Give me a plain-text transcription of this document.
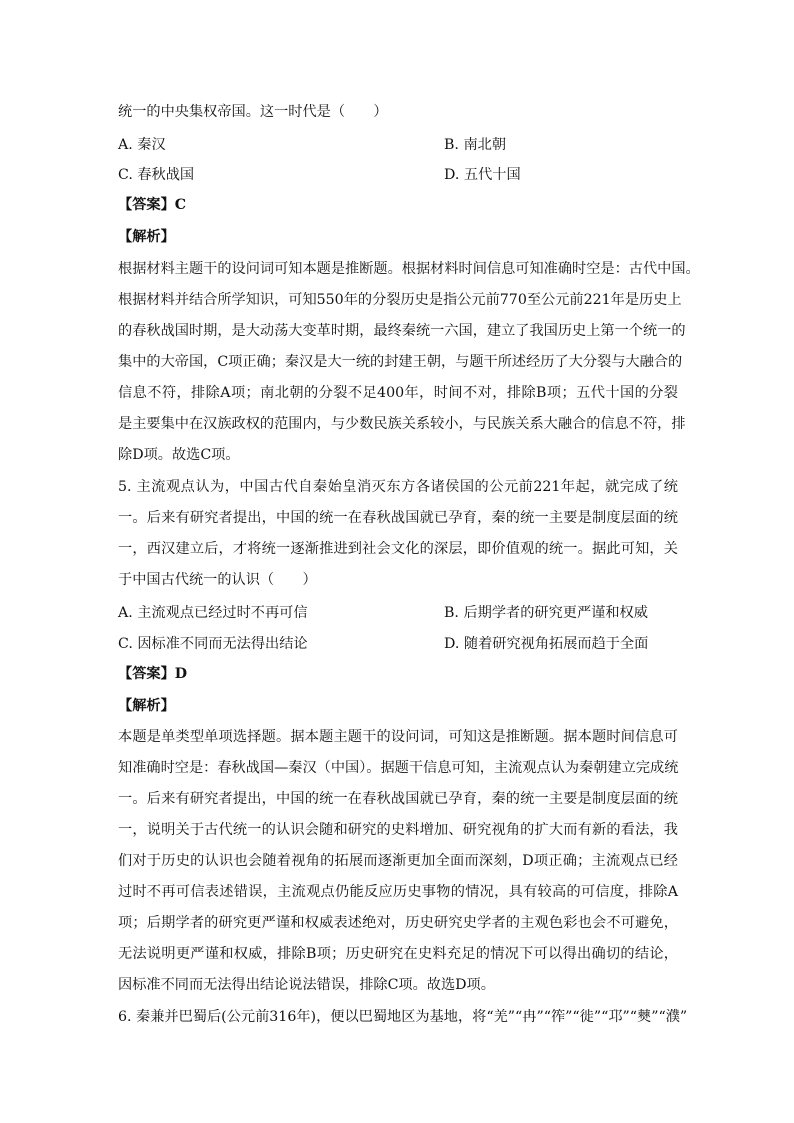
统一的中央集权帝国。这一时代是（　　）
A. 秦汉	B. 南北朝
C. 春秋战国	D. 五代十国
【答案】C
【解析】
根据材料主题干的设问词可知本题是推断题。根据材料时间信息可知准确时空是：古代中国。
根据材料并结合所学知识，可知550年的分裂历史是指公元前770至公元前221年是历史上
的春秋战国时期，是大动荡大变革时期，最终秦统一六国，建立了我国历史上第一个统一的
集中的大帝国，C项正确；秦汉是大一统的封建王朝，与题干所述经历了大分裂与大融合的
信息不符，排除A项；南北朝的分裂不足400年，时间不对，排除B项；五代十国的分裂
是主要集中在汉族政权的范围内，与少数民族关系较小，与民族关系大融合的信息不符，排
除D项。故选C项。
5. 主流观点认为，中国古代自秦始皇消灭东方各诸侯国的公元前221年起，就完成了统
一。后来有研究者提出，中国的统一在春秋战国就已孕育，秦的统一主要是制度层面的统
一，西汉建立后，才将统一逐渐推进到社会文化的深层，即价值观的统一。据此可知，关
于中国古代统一的认识（　　）
A. 主流观点已经过时不再可信	B. 后期学者的研究更严谨和权威
C. 因标准不同而无法得出结论	D. 随着研究视角拓展而趋于全面
【答案】D
【解析】
本题是单类型单项选择题。据本题主题干的设问词，可知这是推断题。据本题时间信息可
知准确时空是：春秋战国—秦汉（中国）。据题干信息可知，主流观点认为秦朝建立完成统
一。后来有研究者提出，中国的统一在春秋战国就已孕育，秦的统一主要是制度层面的统
一，说明关于古代统一的认识会随和研究的史料增加、研究视角的扩大而有新的看法，我
们对于历史的认识也会随着视角的拓展而逐渐更加全面而深刻，D项正确；主流观点已经
过时不再可信表述错误，主流观点仍能反应历史事物的情况，具有较高的可信度，排除A
项；后期学者的研究更严谨和权威表述绝对，历史研究史学者的主观色彩也会不可避免，
无法说明更严谨和权威，排除B项；历史研究在史料充足的情况下可以得出确切的结论，
因标准不同而无法得出结论说法错误，排除C项。故选D项。
6. 秦兼并巴蜀后(公元前316年)，便以巴蜀地区为基地，将“羌”“冉”“筰”“徙”“邛”“僰”“濮”
